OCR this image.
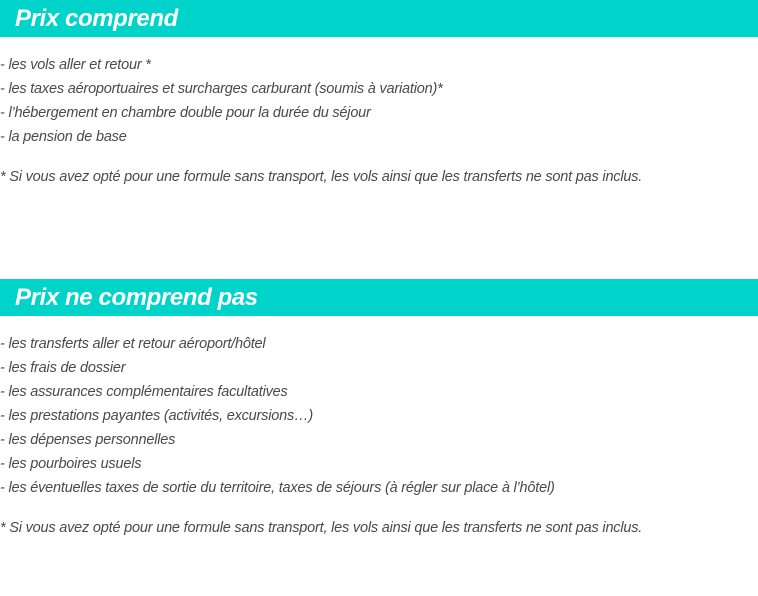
Prix comprend
- les vols aller et retour *
- les taxes aéroportuaires et surcharges carburant (soumis à variation)*
- l’hébergement en chambre double pour la durée du séjour
- la pension de base

* Si vous avez opté pour une formule sans transport, les vols ainsi que les transferts ne sont pas inclus.

Prix ne comprend pas
- les transferts aller et retour aéroport/hôtel
- les frais de dossier
- les assurances complémentaires facultatives
- les prestations payantes (activités, excursions…)
- les dépenses personnelles
- les pourboires usuels
- les éventuelles taxes de sortie du territoire, taxes de séjours (à régler sur place à l’hôtel)

* Si vous avez opté pour une formule sans transport, les vols ainsi que les transferts ne sont pas inclus.
